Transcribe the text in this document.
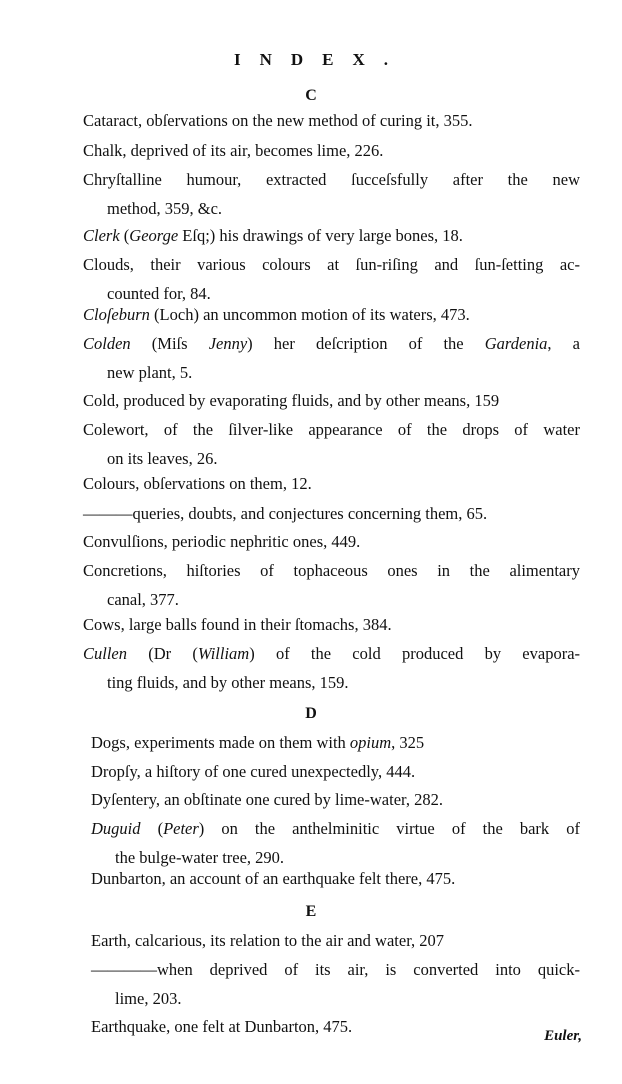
INDEX.
C
Cataract, obſervations on the new method of curing it, 355.
Chalk, deprived of its air, becomes lime, 226.
Chryſtalline humour, extracted ſucceſsfully after the new
method, 359, &c.
Clerk (George Eſq;) his drawings of very large bones, 18.
Clouds, their various colours at ſun-riſing and ſun-ſetting ac-
counted for, 84.
Cloſeburn (Loch) an uncommon motion of its waters, 473.
Colden (Miſs Jenny) her deſcription of the Gardenia, a
new plant, 5.
Cold, produced by evaporating fluids, and by other means, 159
Colewort, of the ſilver-like appearance of the drops of water
on its leaves, 26.
Colours, obſervations on them, 12.
———queries, doubts, and conjectures concerning them, 65.
Convulſions, periodic nephritic ones, 449.
Concretions, hiſtories of tophaceous ones in the alimentary
canal, 377.
Cows, large balls found in their ſtomachs, 384.
Cullen (Dr (William) of the cold produced by evapora-
ting fluids, and by other means, 159.
D
Dogs, experiments made on them with opium, 325
Dropſy, a hiſtory of one cured unexpectedly, 444.
Dyſentery, an obſtinate one cured by lime-water, 282.
Duguid (Peter) on the anthelminitic virtue of the bark of
the bulge-water tree, 290.
Dunbarton, an account of an earthquake felt there, 475.
E
Earth, calcarious, its relation to the air and water, 207
————when deprived of its air, is converted into quick-
lime, 203.
Earthquake, one felt at Dunbarton, 475.	Euler,
